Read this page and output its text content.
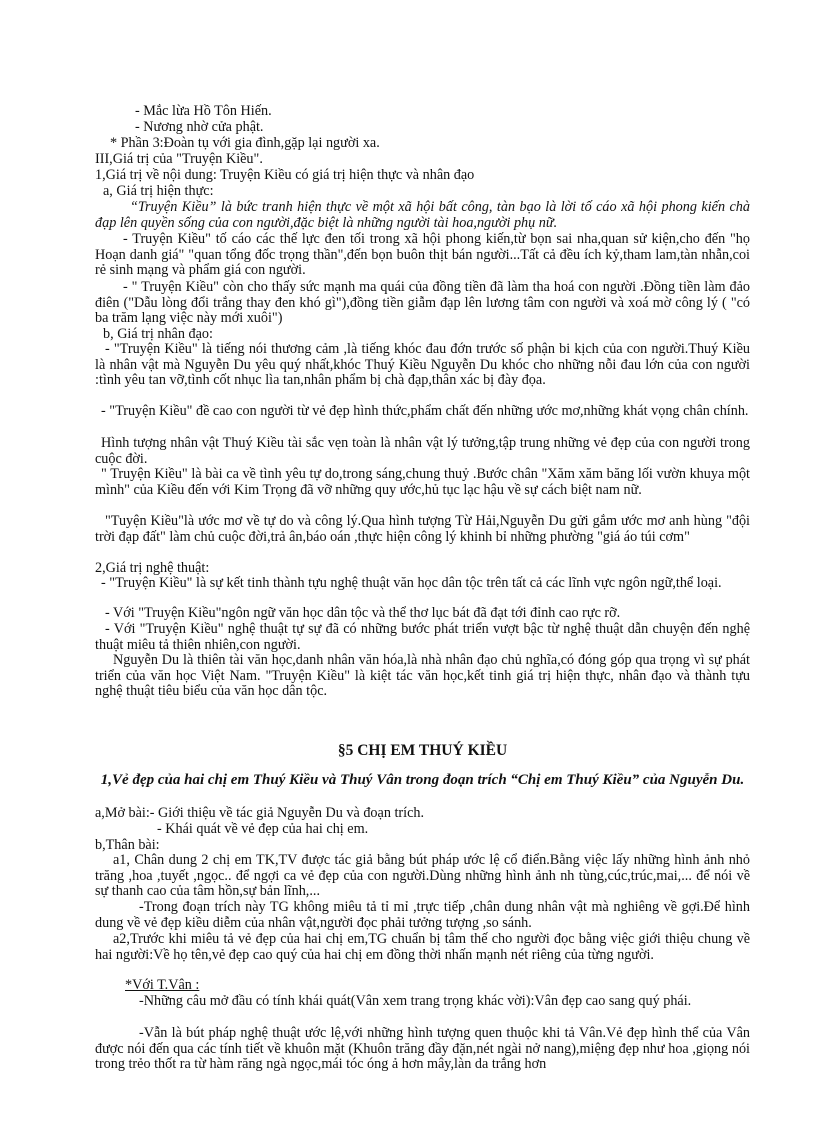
- Mắc lừa Hồ Tôn Hiến.

- Nương nhờ cửa phật.

* Phần 3:Đoàn tụ với gia đình,gặp lại người xa.

III,Giá trị của "Truyện Kiều".

1,Giá trị về nội dung: Truyện Kiều có giá trị hiện thực và nhân đạo

a, Giá trị hiện thực:

“Truyện Kiều” là bức tranh hiện thực về một xã hội bất công, tàn bạo là lời tố cáo xã hội phong kiến chà đạp lên quyền sống của con người,đặc biệt là những người tài hoa,người phụ nữ.

- Truyện Kiều" tố cáo các thế lực đen tối trong xã hội phong kiến,từ bọn sai nha,quan sử kiện,cho đến "họ Hoạn danh giá" "quan tổng đốc trọng thần",đến bọn buôn thịt bán người...Tất cả đều ích kỷ,tham lam,tàn nhẫn,coi rẻ sinh mạng và phẩm giá con người.

- " Truyện Kiều" còn cho thấy sức mạnh ma quái của đồng tiền đã làm tha hoá con người .Đồng tiền làm đảo điên ("Dẫu lòng đổi trắng thay đen khó gì"),đồng tiền giẫm đạp lên lương tâm con người và xoá mờ công lý ( "có ba trăm lạng việc này mới xuôi")

b, Giá trị nhân đạo:

- "Truyện Kiều" là tiếng nói thương cảm ,là tiếng khóc đau đớn trước số phận bi kịch của con người.Thuý Kiều là nhân vật mà Nguyễn Du yêu quý nhất,khóc Thuý Kiều Nguyễn Du khóc cho những nỗi đau lớn của con người :tình yêu tan vỡ,tình cốt nhục lìa tan,nhân phẩm bị chà đạp,thân xác bị đày đọa.

- "Truyện Kiều" đề cao con người từ vẻ đẹp hình thức,phẩm chất đến những ước mơ,những khát vọng chân chính.

Hình tượng nhân vật Thuý Kiều tài sắc vẹn toàn là nhân vật lý tưởng,tập trung những vẻ đẹp của con người trong cuộc đời.

" Truyện Kiều" là bài ca về tình yêu tự do,trong sáng,chung thuỷ .Bước chân "Xăm xăm băng lối vườn khuya một mình" của Kiều đến với Kim Trọng đã vỡ những quy ước,hủ tục lạc hậu về sự cách biệt nam nữ.

"Tuyện Kiều"là ước mơ về tự do và công lý.Qua hình tượng Từ Hải,Nguyễn Du gửi gắm ước mơ anh hùng "đội trời đạp đất" làm chủ cuộc đời,trả ân,báo oán ,thực hiện công lý khinh bỉ những phường "giá áo túi cơm"

2,Giá trị nghệ thuật:

- "Truyện Kiều" là sự kết tinh thành tựu nghệ thuật văn học dân tộc trên tất cả các lĩnh vực ngôn ngữ,thể loại.

- Với "Truyện Kiều"ngôn ngữ văn học dân tộc và thể thơ lục bát đã đạt tới đỉnh cao rực rỡ.

- Với "Truyện Kiều" nghệ thuật tự sự đã có những bước phát triển vượt bậc từ nghệ thuật dẫn chuyện đến nghệ thuật miêu tả thiên nhiên,con người.

Nguyễn Du là thiên tài văn học,danh nhân văn hóa,là nhà nhân đạo chủ nghĩa,có đóng góp qua trọng vì sự phát triển của văn học Việt Nam. "Truyện Kiều" là kiệt tác văn học,kết tinh giá trị hiện thực, nhân đạo và thành tựu nghệ thuật tiêu biểu của văn học dân tộc.

§5 CHỊ EM THUÝ KIỀU
1,Vẻ đẹp của hai chị em Thuý Kiều và Thuý Vân trong đoạn trích “Chị em Thuý Kiều” của Nguyễn Du.

a,Mở bài:- Giới thiệu về tác giả Nguyễn Du và đoạn trích.

- Khái quát về vẻ đẹp của hai chị em.

b,Thân bài:

a1, Chân dung 2 chị em TK,TV được tác giả bằng bút pháp ước lệ cổ điển.Bằng việc lấy những hình ảnh nhỏ trăng ,hoa ,tuyết ,ngọc.. để ngợi ca vẻ đẹp của con người.Dùng những hình ảnh nh tùng,cúc,trúc,mai,... để nói về sự thanh cao của tâm hồn,sự bản lĩnh,...

-Trong đoạn trích này TG không miêu tả tỉ mỉ ,trực tiếp ,chân dung nhân vật mà nghiêng về gợi.Để hình dung về vẻ đẹp kiều diễm của nhân vật,người đọc phải tưởng tượng ,so sánh.

a2,Trước khi miêu tả vẻ đẹp của hai chị em,TG chuẩn bị tâm thế cho người đọc bằng việc giới thiệu chung về hai người:Về họ tên,vẻ đẹp cao quý của hai chị em đồng thời nhấn mạnh nét riêng của từng người.

*Với T.Vân :

-Những câu mở đầu có tính khái quát(Vân xem trang trọng khác vời):Vân đẹp cao sang quý phái.

-Vẫn là bút pháp nghệ thuật ước lệ,với những hình tượng quen thuộc khi tả Vân.Vẻ đẹp hình thể của Vân được nói đến qua các tính tiết về khuôn mặt (Khuôn trăng đầy đặn,nét ngài nở nang),miệng đẹp như hoa ,giọng nói trong trẻo thốt ra từ hàm răng ngà ngọc,mái tóc óng ả hơn mây,làn da trắng hơn
